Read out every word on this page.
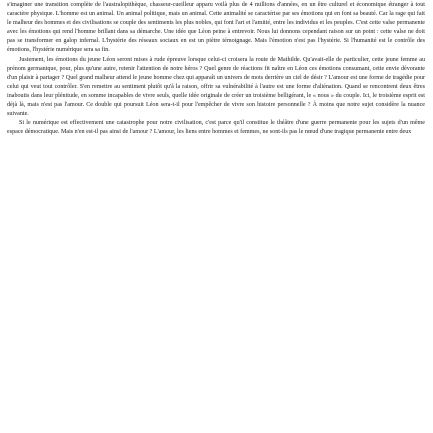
s'imaginer une transition complète de l'australopithèque, chasseur-cueilleur apparu voilà plus de 4 millions d'années, en un être culturel et économique étranger à tout caractère physique. L'homme est un animal. Un animal politique, mais un animal. Cette animalité se caractérise par ses émotions qui en font sa beauté. Car la rage qui fait le malheur des hommes et des civilisations se couple des sentiments les plus nobles, qui font l'art et l'amitié, entre les individus et les peuples. C'est cette valse permanente avec les émotions qui rend l'homme brillant dans sa démarche. Une idée que Léon peine à entrevoir. Nous lui donnons cependant raison sur un point : cette valse ne doit pas se transformer en galop infernal. L'hystérie des réseaux sociaux en est un piètre témoignage. Mais l'émotion n'est pas l'hystérie. Si l'humanité est le contrôle des émotions, l'hystérie numérique sera sa fin.

Justement, les émotions du jeune Léon seront mises à rude épreuve lorsque celui-ci croisera la route de Mathilde. Qu'avait-elle de particulier, cette jeune femme au prénom germanique, pour, plus qu'une autre, retenir l'attention de notre héros ? Quel genre de réactions fit naître en Léon ces émotions consumant, cette envie dévorante d'un plaisir à partager ? Quel grand malheur attend le jeune homme chez qui apparaît un univers de mots derrière un ciel de désir ? L'amour est une forme de tragédie pour celui qui veut tout contrôler. S'en remettre au sentiment plutôt qu'à la raison, offrir sa vulnérabilité à l'autre est une forme d'aliénation. Quand se rencontrent deux êtres inaboutis dans leur plénitude, en somme incapables de vivre seuls, quelle idée originale de créer un troisième belligérant, le « nous » du couple. Ici, le troisième esprit est déjà là, mais n'est pas l'amour. Ce double qui poursuit Léon sera-t-il pour l'empêcher de vivre son histoire personnelle ? À moins que notre sujet considère la nuance suivante.

Si le numérique est effectivement une catastrophe pour notre civilisation, c'est parce qu'il constitue le théâtre d'une guerre permanente pour les sujets d'un même espace démocratique. Mais n'en est-il pas ainsi de l'amour ? L'amour, les liens entre hommes et femmes, ne sont-ils pas le nœud d'une tragique permanente entre deux
